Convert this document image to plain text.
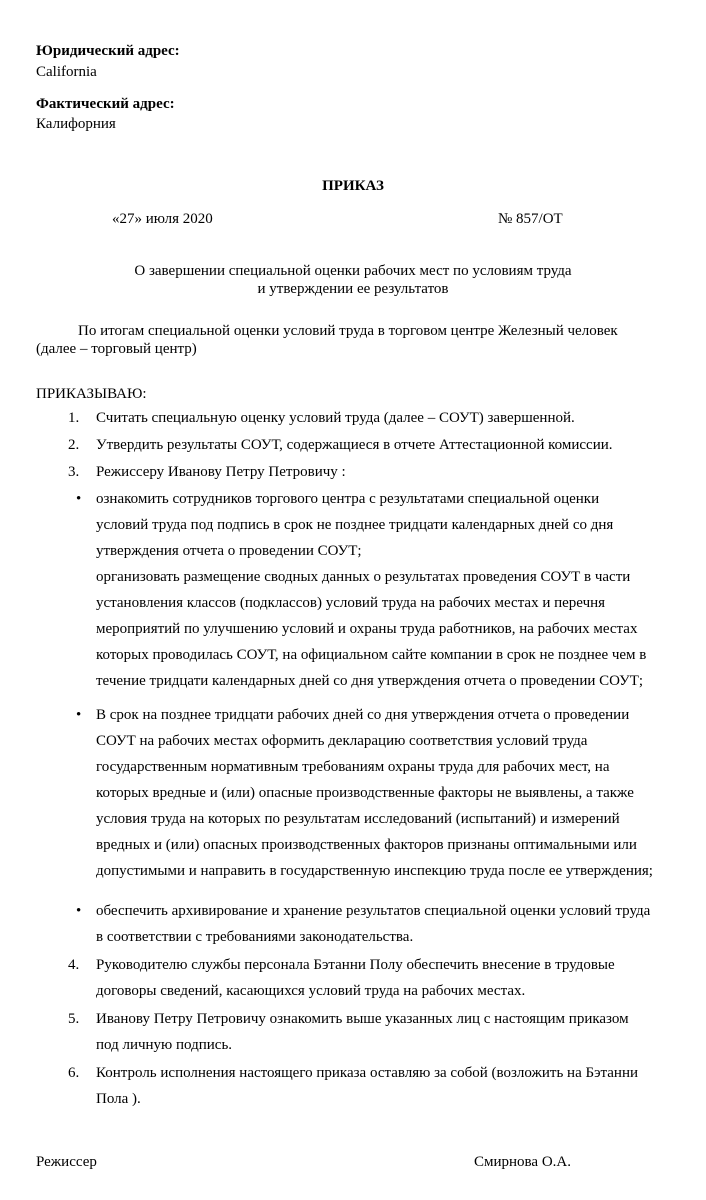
Юридический адрес:
California
Фактический адрес:
Калифорния
ПРИКАЗ
«27» июля 2020	№ 857/ОТ
О завершении специальной оценки рабочих мест по условиям труда
и утверждении ее результатов
По итогам специальной оценки условий труда в торговом центре Железный человек
(далее – торговый центр)
ПРИКАЗЫВАЮ:
1. Считать специальную оценку условий труда (далее – СОУТ) завершенной.
2. Утвердить результаты СОУТ, содержащиеся в отчете Аттестационной комиссии.
3. Режиссеру Иванову Петру Петровичу :
• ознакомить сотрудников торгового центра с результатами специальной оценки
условий труда под подпись в срок не позднее тридцати календарных дней со дня
утверждения отчета о проведении СОУТ;
организовать размещение сводных данных о результатах проведения СОУТ в части
установления классов (подклассов) условий труда на рабочих местах и перечня
мероприятий по улучшению условий и охраны труда работников, на рабочих местах
которых проводилась СОУТ, на официальном сайте компании в срок не позднее чем в
течение тридцати календарных дней со дня утверждения отчета о проведении СОУТ;
• В срок на позднее тридцати рабочих дней со дня утверждения отчета о проведении
СОУТ на рабочих местах оформить декларацию соответствия условий труда
государственным нормативным требованиям охраны труда для рабочих мест, на
которых вредные и (или) опасные производственные факторы не выявлены, а также
условия труда на которых по результатам исследований (испытаний) и измерений
вредных и (или) опасных производственных факторов признаны оптимальными или
допустимыми и направить в государственную инспекцию труда после ее утверждения;
• обеспечить архивирование и хранение результатов специальной оценки условий труда
в соответствии с требованиями законодательства.
4. Руководителю службы персонала Бэтанни Полу обеспечить внесение в трудовые
договоры сведений, касающихся условий труда на рабочих местах.
5. Иванову Петру Петровичу ознакомить выше указанных лиц с настоящим приказом
под личную подпись.
6. Контроль исполнения настоящего приказа оставляю за собой (возложить на Бэтанни
Пола ).
Режиссер	Смирнова О.А.
